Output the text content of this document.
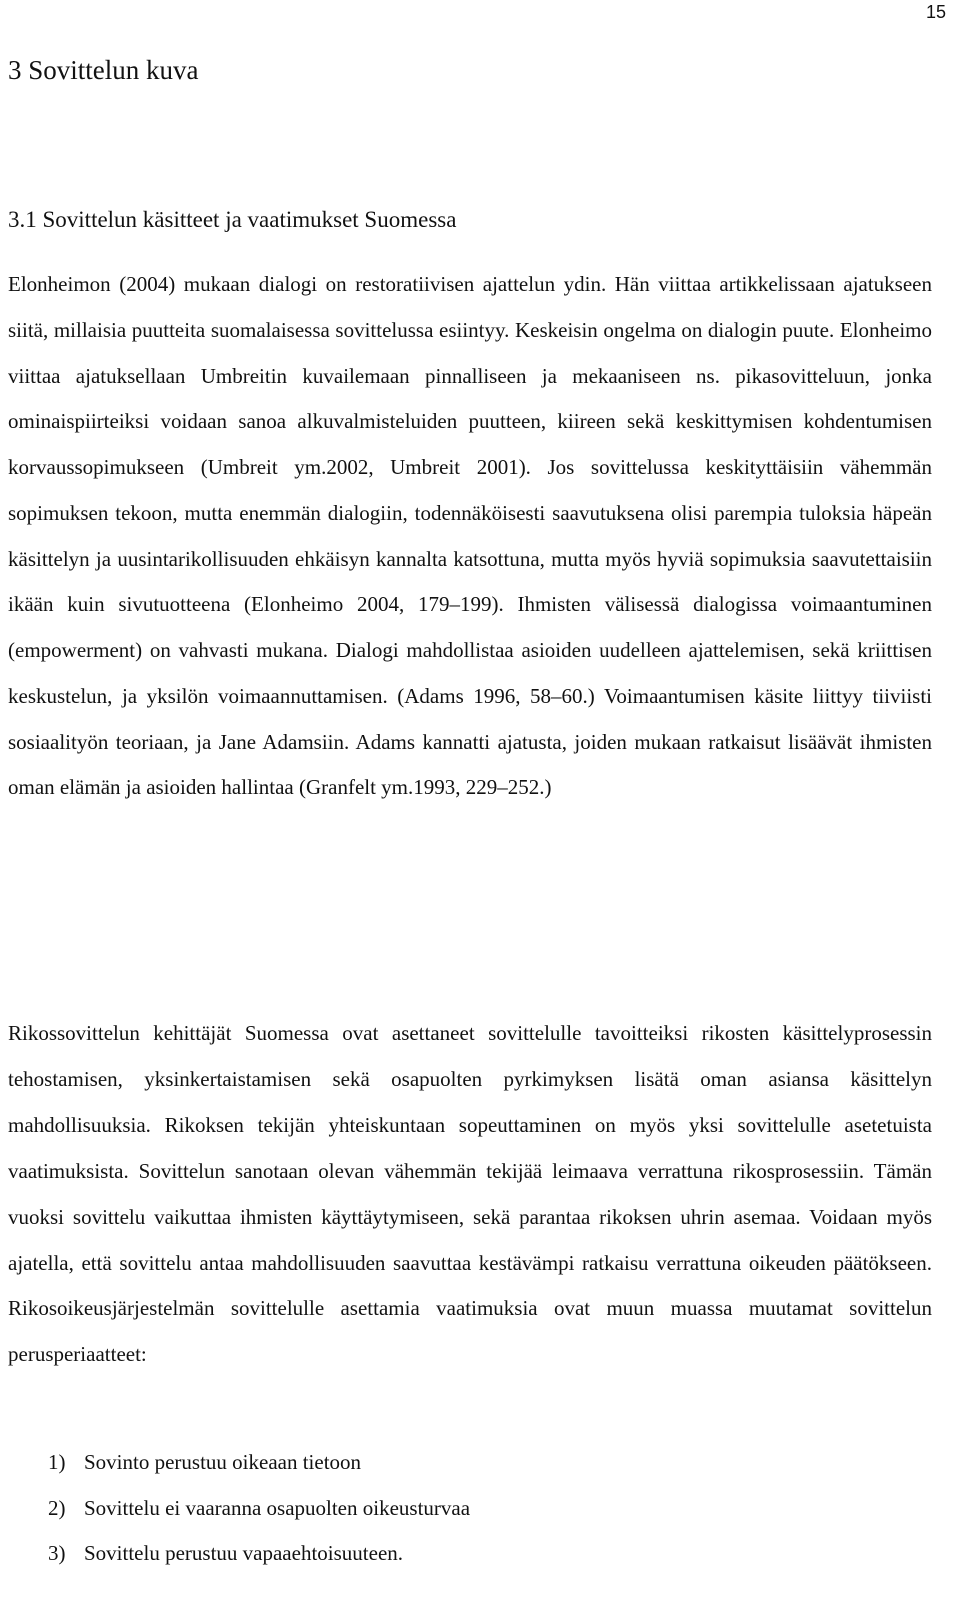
15
3 Sovittelun kuva
3.1 Sovittelun käsitteet ja vaatimukset Suomessa

Elonheimon (2004) mukaan dialogi on restoratiivisen ajattelun ydin. Hän viittaa artikkelissaan ajatukseen siitä, millaisia puutteita suomalaisessa sovittelussa esiintyy. Keskeisin ongelma on dialogin puute. Elonheimo viittaa ajatuksellaan Umbreitin kuvailemaan pinnalliseen ja mekaaniseen ns. pikasovitteluun, jonka ominaispiirteiksi voidaan sanoa alkuvalmisteluiden puutteen, kiireen sekä keskittymisen kohdentumisen korvaussopimukseen (Umbreit ym.2002, Umbreit 2001). Jos sovittelussa keskityttäisiin vähemmän sopimuksen tekoon, mutta enemmän dialogiin, todennäköisesti saavutuksena olisi parempia tuloksia häpeän käsittelyn ja uusintarikollisuuden ehkäisyn kannalta katsottuna, mutta myös hyviä sopimuksia saavutettaisiin ikään kuin sivutuotteena (Elonheimo 2004, 179–199). Ihmisten välisessä dialogissa voimaantuminen (empowerment) on vahvasti mukana. Dialogi mahdollistaa asioiden uudelleen ajattelemisen, sekä kriittisen keskustelun, ja yksilön voimaannuttamisen. (Adams 1996, 58–60.) Voimaantumisen käsite liittyy tiiviisti sosiaalityön teoriaan, ja Jane Adamsiin. Adams kannatti ajatusta, joiden mukaan ratkaisut lisäävät ihmisten oman elämän ja asioiden hallintaa (Granfelt ym.1993, 229–252.)

Rikossovittelun kehittäjät Suomessa ovat asettaneet sovittelulle tavoitteiksi rikosten käsittelyprosessin tehostamisen, yksinkertaistamisen sekä osapuolten pyrkimyksen lisätä oman asiansa käsittelyn mahdollisuuksia. Rikoksen tekijän yhteiskuntaan sopeuttaminen on myös yksi sovittelulle asetetuista vaatimuksista. Sovittelun sanotaan olevan vähemmän tekijää leimaava verrattuna rikosprosessiin. Tämän vuoksi sovittelu vaikuttaa ihmisten käyttäytymiseen, sekä parantaa rikoksen uhrin asemaa. Voidaan myös ajatella, että sovittelu antaa mahdollisuuden saavuttaa kestävämpi ratkaisu verrattuna oikeuden päätökseen. Rikosoikeusjärjestelmän sovittelulle asettamia vaatimuksia ovat muun muassa muutamat sovittelun perusperiaatteet:

1) Sovinto perustuu oikeaan tietoon
2) Sovittelu ei vaaranna osapuolten oikeusturvaa
3) Sovittelu perustuu vapaaehtoisuuteen.
